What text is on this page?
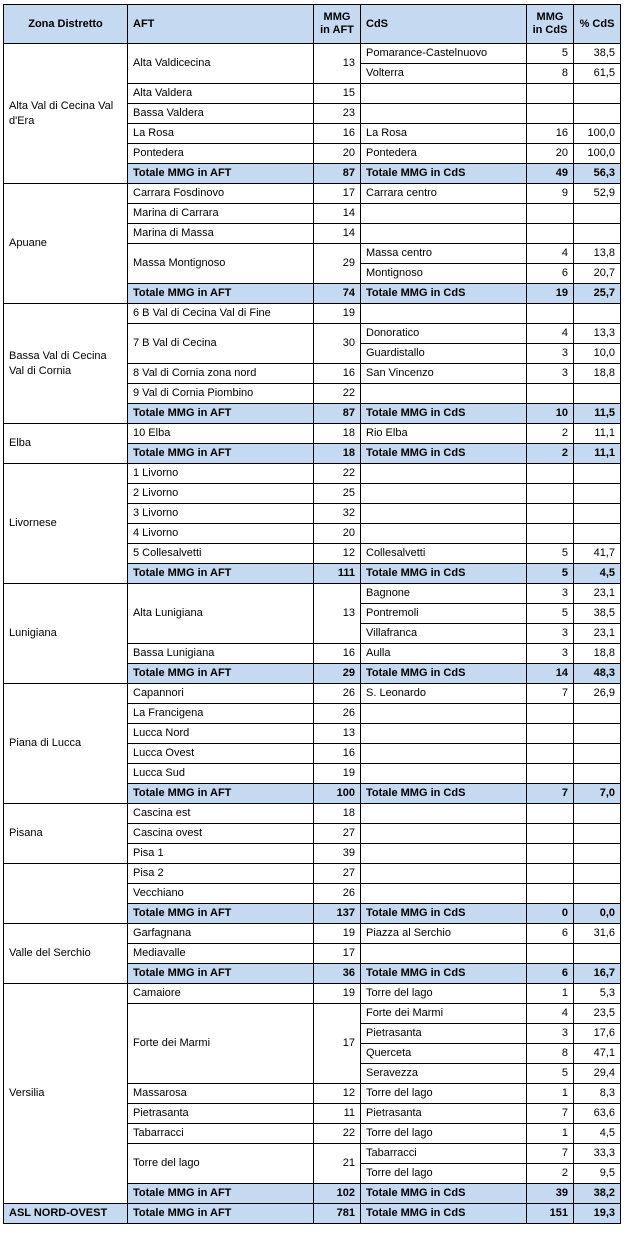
Zona Distretto	AFT	MMG in AFT	CdS	MMG in CdS	% CdS
Alta Val di Cecina Val d'Era	Alta Valdicecina	13	Pomarance-Castelnuovo	5	38,5
			Volterra	8	61,5
	Alta Valdera	15			
	Bassa Valdera	23			
	La Rosa	16	La Rosa	16	100,0
	Pontedera	20	Pontedera	20	100,0
	Totale MMG in AFT	87	Totale MMG in CdS	49	56,3
Apuane	Carrara Fosdinovo	17	Carrara centro	9	52,9
	Marina di Carrara	14			
	Marina di Massa	14			
	Massa Montignoso	29	Massa centro	4	13,8
			Montignoso	6	20,7
	Totale MMG in AFT	74	Totale MMG in CdS	19	25,7
Bassa Val di Cecina Val di Cornia	6 B Val di Cecina Val di Fine	19			
	7 B Val di Cecina	30	Donoratico	4	13,3
			Guardistallo	3	10,0
	8 Val di Cornia zona nord	16	San Vincenzo	3	18,8
	9 Val di Cornia Piombino	22			
	Totale MMG in AFT	87	Totale MMG in CdS	10	11,5
Elba	10 Elba	18	Rio Elba	2	11,1
	Totale MMG in AFT	18	Totale MMG in CdS	2	11,1
Livornese	1 Livorno	22			
	2 Livorno	25			
	3 Livorno	32			
	4 Livorno	20			
	5 Collesalvetti	12	Collesalvetti	5	41,7
	Totale MMG in AFT	111	Totale MMG in CdS	5	4,5
Lunigiana	Alta Lunigiana	13	Bagnone	3	23,1
			Pontremoli	5	38,5
			Villafranca	3	23,1
	Bassa Lunigiana	16	Aulla	3	18,8
	Totale MMG in AFT	29	Totale MMG in CdS	14	48,3
Piana di Lucca	Capannori	26	S. Leonardo	7	26,9
	La Francigena	26			
	Lucca Nord	13			
	Lucca Ovest	16			
	Lucca Sud	19			
	Totale MMG in AFT	100	Totale MMG in CdS	7	7,0
Pisana	Cascina est	18			
	Cascina ovest	27			
	Pisa 1	39			
	Pisa 2	27			
	Vecchiano	26			
	Totale MMG in AFT	137	Totale MMG in CdS	0	0,0
Valle del Serchio	Garfagnana	19	Piazza al Serchio	6	31,6
	Mediavalle	17			
	Totale MMG in AFT	36	Totale MMG in CdS	6	16,7
Versilia	Camaiore	19	Torre del lago	1	5,3
	Forte dei Marmi	17	Forte dei Marmi	4	23,5
			Pietrasanta	3	17,6
			Querceta	8	47,1
			Seravezza	5	29,4
	Massarosa	12	Torre del lago	1	8,3
	Pietrasanta	11	Pietrasanta	7	63,6
	Tabarracci	22	Torre del lago	1	4,5
	Torre del lago	21	Tabarracci	7	33,3
			Torre del lago	2	9,5
	Totale MMG in AFT	102	Totale MMG in CdS	39	38,2
ASL NORD-OVEST	Totale MMG in AFT	781	Totale MMG in CdS	151	19,3
